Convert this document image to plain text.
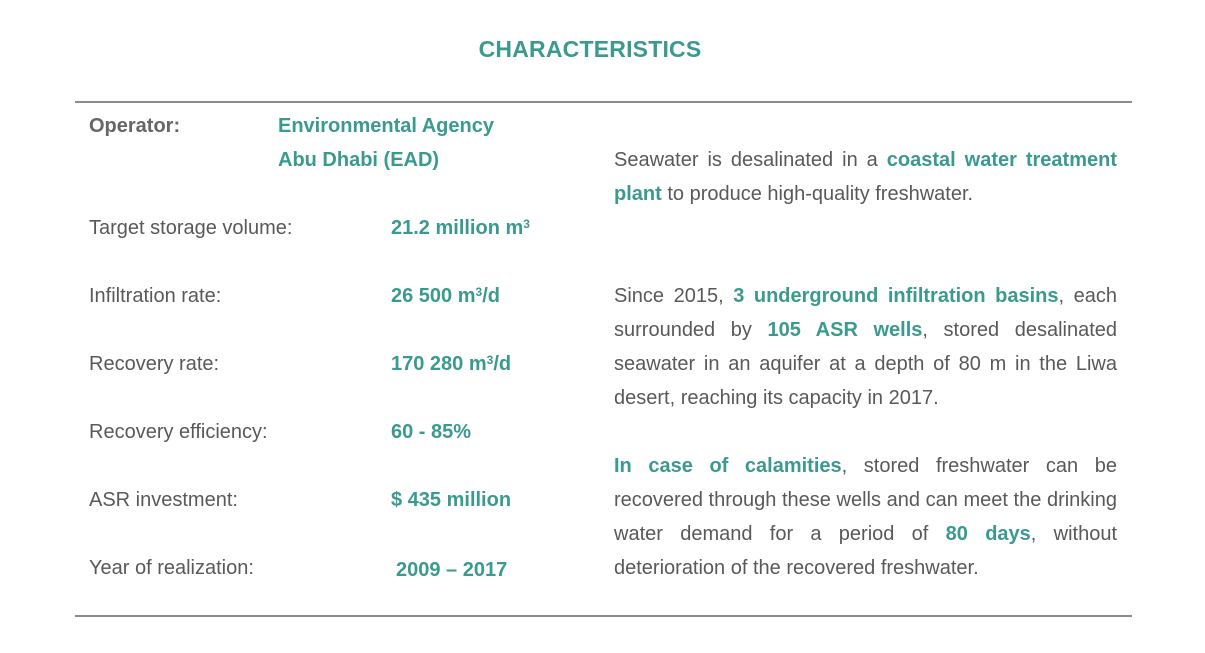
CHARACTERISTICS
Operator:	Environmental Agency
Abu Dhabi (EAD)
Target storage volume:	21.2 million $m^3$
Infiltration rate:	26 500 $m^3/d$
Recovery rate:	170 280 $m^3/d$
Recovery efficiency:	60 - 85%
ASR investment:	$ 435 million
Year of realization:	2009 – 2017

Seawater is desalinated in a coastal water treatment plant to produce high-quality freshwater.

Since 2015, 3 underground infiltration basins, each surrounded by 105 ASR wells, stored desalinated seawater in an aquifer at a depth of 80 m in the Liwa desert, reaching its capacity in 2017.

In case of calamities, stored freshwater can be recovered through these wells and can meet the drinking water demand for a period of 80 days, without deterioration of the recovered freshwater.
